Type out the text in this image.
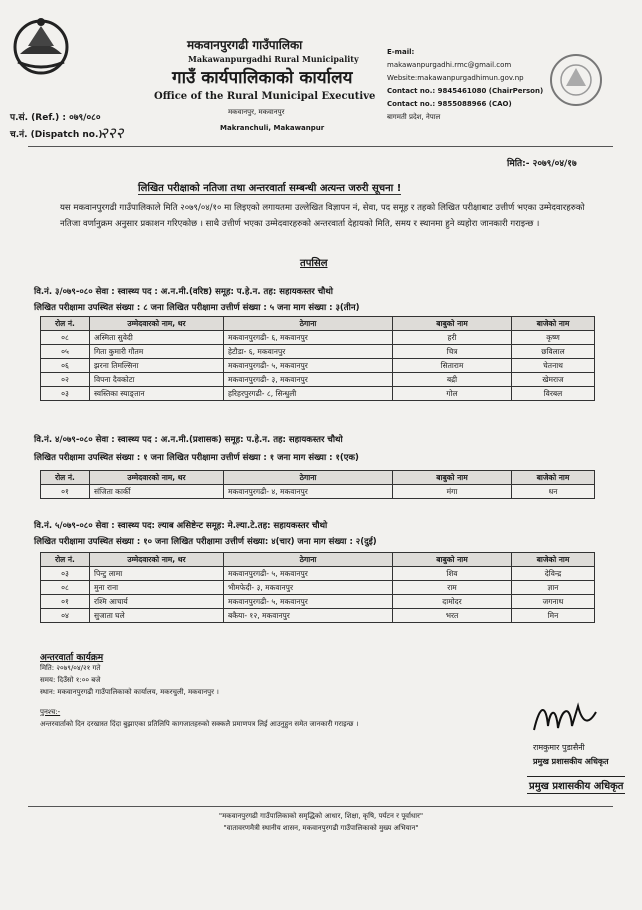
मकवानपुरगढी गाउँपालिका
Makawanpurgadhi Rural Municipality
गाउँ कार्यपालिकाको कार्यालय
Office of the Rural Municipal Executive
मकवानपुर, मकवानपुर
Makranchuli, Makawanpur
प.सं. (Ref.) : ०७९/०८०
च.नं. (Dispatch no.)
२२२
E-mail:
makawanpurgadhi.rmc@gmail.com
Website:makawanpurgadhimun.gov.np
Contact no.: 9845461080 (ChairPerson)
Contact no.: 9855088966 (CAO)
बागमती प्रदेश, नेपाल
मिति:- २०७९/०४/१७
लिखित परीक्षाको नतिजा तथा अन्तरवार्ता सम्बन्धी अत्यन्त जरुरी सूचना !
यस मकवानपुरगढी गाउँपालिकाले मिति २०७९/०४/१० मा लिइएको लगायतमा उल्लेखित विज्ञापन नं, सेवा, पद समूह र तहको लिखित परीक्षाबाट उत्तीर्ण भएका उम्मेदवारहरुको नतिजा वर्णानुक्रम अनुसार प्रकाशन गरिएकोछ । साथै उत्तीर्ण भएका उम्मेदवारहरुको अन्तरवार्ता देहायको मिति, समय र स्थानमा हुने व्यहोरा जानकारी गराइन्छ ।
तपसिल
वि.नं. ३/०७९-०८० सेवा : स्वास्थ्य पद : अ.न.मी.(वरिष्ठ) समूह: प.हे.न. तह: सहायकस्तर चौथो
लिखित परीक्षामा उपस्थित संख्या : ८ जना लिखित परीक्षामा उत्तीर्ण संख्या : ५ जना माग संख्या : ३(तीन)
रोल नं.	उम्मेदवारको नाम, थर	ठेगाना	बाबुको नाम	बाजेको नाम
०८	अस्मिता सुवेदी	मकवानपुरगढी- ६, मकवानपुर	हरी	कृष्ण
०५	गिता कुमारी गौतम	हेटौडा- ६, मकवानपुर	चित्र	छविलाल
०६	झरना तिमल्सिना	मकवानपुरगढी- ५, मकवानपुर	सिताराम	चेतनाथ
०२	विपना दैवकोटा	मकवानपुरगढी- ३, मकवानपुर	बद्री	खेमराज
०३	स्वस्तिका स्याङ्तान	हरिहरपुरगढी- ८, सिन्धुली	गोल	विरबल
वि.नं. ४/०७९-०८० सेवा : स्वास्थ्य पद : अ.न.मी.(प्रशासक) समूह: प.हे.न. तह: सहायकस्तर चौथो
लिखित परीक्षामा उपस्थित संख्या : १ जना लिखित परीक्षामा उत्तीर्ण संख्या : १ जना माग संख्या : १(एक)
रोल नं.	उम्मेदवारको नाम, थर	ठेगाना	बाबुको नाम	बाजेको नाम
०१	संजिता कार्की	मकवानपुरगढी- ४, मकवानपुर	मंगा	धन
वि.नं. ५/०७९-०८० सेवा : स्वास्थ्य पद: ल्याब असिष्टेन्ट समूह: मे.ल्या.टे.तह: सहायकस्तर चौथो
लिखित परीक्षामा उपस्थित संख्या : १० जना लिखित परीक्षामा उत्तीर्ण संख्या: ४(चार) जना माग संख्या : २(दुई)
रोल नं.	उम्मेदवारको नाम, थर	ठेगाना	बाबुको नाम	बाजेको नाम
०३	पिन्टु लामा	मकवानपुरगढी- ५, मकवानपुर	शिव	देविन्द्र
०८	मुना राना	भीमफेदी- ३, मकवानपुर	राम	ज्ञान
०१	रश्मि आचार्य	मकवानपुरगढी- ५, मकवानपुर	दामोदर	जगनाथ
०४	सुजाता घले	बकैया- १२, मकवानपुर	भरत	मिन
अन्तरवार्ता कार्यक्रम
मिति: २०७९/०४/२१ गते
समय: दिउँसो १:०० बजे
स्थान: मकवानपुरगढी गाउँपालिकाको कार्यालय, मकरचुली, मकवानपुर ।
पुनश्च:-
अन्तरवार्ताको दिन दरखास्त दिंदा बुझाएका प्रतिलिपि कागजातहरुको सक्कलै प्रमाणपत्र लिई आउनुहुन समेत जानकारी गराइन्छ ।
रामकुमार पुडासैनी
प्रमुख प्रशासकीय अधिकृत
प्रमुख प्रशासकीय अधिकृत
"मकवानपुरगढी गाउँपालिकाको समृद्धिको आधार, शिक्षा, कृषि, पर्यटन र पूर्वाधार"
"वातावरणमैत्री स्थानीय शासन, मकवानपुरगढी गाउँपालिकाको मुख्य अभियान"
